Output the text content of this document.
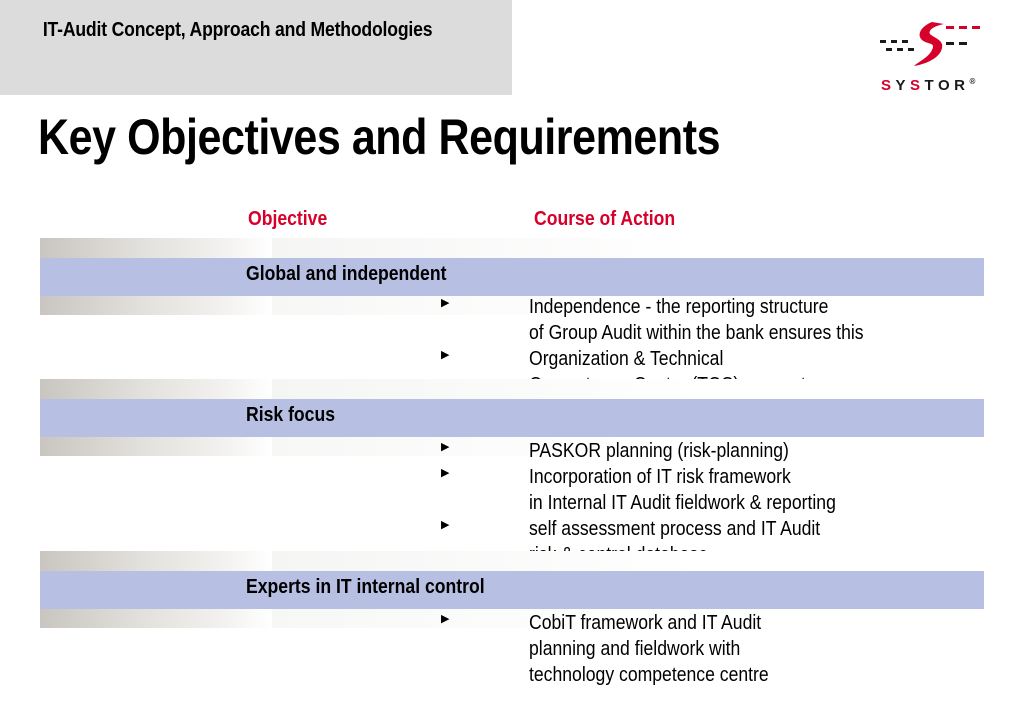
IT-Audit Concept, Approach and Methodologies
SYSTOR®
Key Objectives and Requirements
Objective	Course of Action
Global and independent
▶	Independence - the reporting structure
of Group Audit within the bank ensures this
▶	Organization & Technical
Risk focus
▶	PASKOR planning (risk-planning)
▶	Incorporation of IT risk framework
in Internal IT Audit fieldwork & reporting
▶	self assessment process and IT Audit
Experts in IT internal control
▶	CobiT framework and IT Audit
planning and fieldwork with
technology competence centre
